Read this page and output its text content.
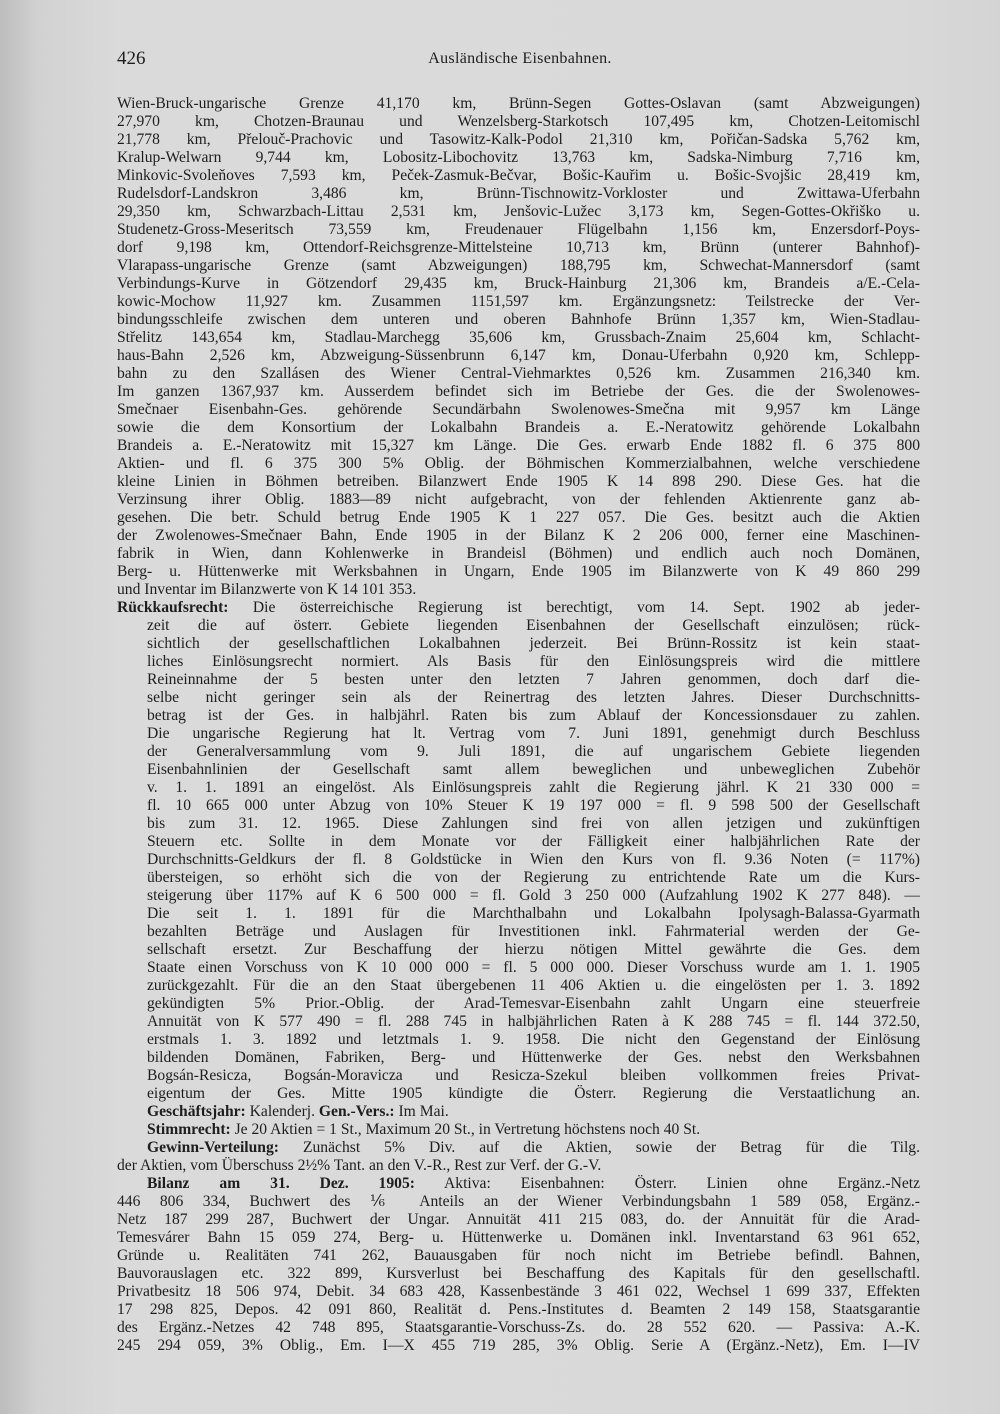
426	Ausländische Eisenbahnen.
Wien-Bruck-ungarische Grenze 41,170 km, Brünn-Segen Gottes-Oslavan (samt Abzweigungen)
27,970 km, Chotzen-Braunau und Wenzelsberg-Starkotsch 107,495 km, Chotzen-Leitomischl
21,778 km, Přelouč-Prachovic und Tasowitz-Kalk-Podol 21,310 km, Pořičan-Sadska 5,762 km,
Kralup-Welwarn 9,744 km, Lobositz-Libochovitz 13,763 km, Sadska-Nimburg 7,716 km,
Minkovic-Svoleňoves 7,593 km, Peček-Zasmuk-Bečvar, Bošic-Kauřim u. Bošic-Svojšic 28,419 km,
Rudelsdorf-Landskron 3,486 km, Brünn-Tischnowitz-Vorkloster und Zwittawa-Uferbahn
29,350 km, Schwarzbach-Littau 2,531 km, Jenšovic-Lužec 3,173 km, Segen-Gottes-Okřiško u.
Studenetz-Gross-Meseritsch 73,559 km, Freudenauer Flügelbahn 1,156 km, Enzersdorf-Poys-
dorf 9,198 km, Ottendorf-Reichsgrenze-Mittelsteine 10,713 km, Brünn (unterer Bahnhof)-
Vlarapass-ungarische Grenze (samt Abzweigungen) 188,795 km, Schwechat-Mannersdorf (samt
Verbindungs-Kurve in Götzendorf 29,435 km, Bruck-Hainburg 21,306 km, Brandeis a/E.-Cela-
kowic-Mochow 11,927 km. Zusammen 1151,597 km. Ergänzungsnetz: Teilstrecke der Ver-
bindungsschleife zwischen dem unteren und oberen Bahnhofe Brünn 1,357 km, Wien-Stadlau-
Střelitz 143,654 km, Stadlau-Marchegg 35,606 km, Grussbach-Znaim 25,604 km, Schlacht-
haus-Bahn 2,526 km, Abzweigung-Süssenbrunn 6,147 km, Donau-Uferbahn 0,920 km, Schlepp-
bahn zu den Szallásen des Wiener Central-Viehmarktes 0,526 km. Zusammen 216,340 km.
Im ganzen 1367,937 km. Ausserdem befindet sich im Betriebe der Ges. die der Swolenowes-
Smečnaer Eisenbahn-Ges. gehörende Secundärbahn Swolenowes-Smečna mit 9,957 km Länge
sowie die dem Konsortium der Lokalbahn Brandeis a. E.-Neratowitz gehörende Lokalbahn
Brandeis a. E.-Neratowitz mit 15,327 km Länge. Die Ges. erwarb Ende 1882 fl. 6 375 800
Aktien- und fl. 6 375 300 5% Oblig. der Böhmischen Kommerzialbahnen, welche verschiedene
kleine Linien in Böhmen betreiben. Bilanzwert Ende 1905 K 14 898 290. Diese Ges. hat die
Verzinsung ihrer Oblig. 1883—89 nicht aufgebracht, von der fehlenden Aktienrente ganz ab-
gesehen. Die betr. Schuld betrug Ende 1905 K 1 227 057. Die Ges. besitzt auch die Aktien
der Zwolenowes-Smečnaer Bahn, Ende 1905 in der Bilanz K 2 206 000, ferner eine Maschinen-
fabrik in Wien, dann Kohlenwerke in Brandeisl (Böhmen) und endlich auch noch Domänen,
Berg- u. Hüttenwerke mit Werksbahnen in Ungarn, Ende 1905 im Bilanzwerte von K 49 860 299
und Inventar im Bilanzwerte von K 14 101 353.
Rückkaufsrecht: Die österreichische Regierung ist berechtigt, vom 14. Sept. 1902 ab jeder-
zeit die auf österr. Gebiete liegenden Eisenbahnen der Gesellschaft einzulösen; rück-
sichtlich der gesellschaftlichen Lokalbahnen jederzeit. Bei Brünn-Rossitz ist kein staat-
liches Einlösungsrecht normiert. Als Basis für den Einlösungspreis wird die mittlere
Reineinnahme der 5 besten unter den letzten 7 Jahren genommen, doch darf die-
selbe nicht geringer sein als der Reinertrag des letzten Jahres. Dieser Durchschnitts-
betrag ist der Ges. in halbjährl. Raten bis zum Ablauf der Koncessionsdauer zu zahlen.
Die ungarische Regierung hat lt. Vertrag vom 7. Juni 1891, genehmigt durch Beschluss
der Generalversammlung vom 9. Juli 1891, die auf ungarischem Gebiete liegenden
Eisenbahnlinien der Gesellschaft samt allem beweglichen und unbeweglichen Zubehör
v. 1. 1. 1891 an eingelöst. Als Einlösungspreis zahlt die Regierung jährl. K 21 330 000 =
fl. 10 665 000 unter Abzug von 10% Steuer K 19 197 000 = fl. 9 598 500 der Gesellschaft
bis zum 31. 12. 1965. Diese Zahlungen sind frei von allen jetzigen und zukünftigen
Steuern etc. Sollte in dem Monate vor der Fälligkeit einer halbjährlichen Rate der
Durchschnitts-Geldkurs der fl. 8 Goldstücke in Wien den Kurs von fl. 9.36 Noten (= 117%)
übersteigen, so erhöht sich die von der Regierung zu entrichtende Rate um die Kurs-
steigerung über 117% auf K 6 500 000 = fl. Gold 3 250 000 (Aufzahlung 1902 K 277 848). —
Die seit 1. 1. 1891 für die Marchthalbahn und Lokalbahn Ipolysagh-Balassa-Gyarmath
bezahlten Beträge und Auslagen für Investitionen inkl. Fahrmaterial werden der Ge-
sellschaft ersetzt. Zur Beschaffung der hierzu nötigen Mittel gewährte die Ges. dem
Staate einen Vorschuss von K 10 000 000 = fl. 5 000 000. Dieser Vorschuss wurde am 1. 1. 1905
zurückgezahlt. Für die an den Staat übergebenen 11 406 Aktien u. die eingelösten per 1. 3. 1892
gekündigten 5% Prior.-Oblig. der Arad-Temesvar-Eisenbahn zahlt Ungarn eine steuerfreie
Annuität von K 577 490 = fl. 288 745 in halbjährlichen Raten à K 288 745 = fl. 144 372.50,
erstmals 1. 3. 1892 und letztmals 1. 9. 1958. Die nicht den Gegenstand der Einlösung
bildenden Domänen, Fabriken, Berg- und Hüttenwerke der Ges. nebst den Werksbahnen
Bogsán-Resicza, Bogsán-Moravicza und Resicza-Szekul bleiben vollkommen freies Privat-
eigentum der Ges. Mitte 1905 kündigte die Österr. Regierung die Verstaatlichung an.
Geschäftsjahr: Kalenderj. Gen.-Vers.: Im Mai.
Stimmrecht: Je 20 Aktien = 1 St., Maximum 20 St., in Vertretung höchstens noch 40 St.
Gewinn-Verteilung: Zunächst 5% Div. auf die Aktien, sowie der Betrag für die Tilg.
der Aktien, vom Überschuss 2½% Tant. an den V.-R., Rest zur Verf. der G.-V.
Bilanz am 31. Dez. 1905: Aktiva: Eisenbahnen: Österr. Linien ohne Ergänz.-Netz
446 806 334, Buchwert des ⅙ Anteils an der Wiener Verbindungsbahn 1 589 058, Ergänz.-
Netz 187 299 287, Buchwert der Ungar. Annuität 411 215 083, do. der Annuität für die Arad-
Temesvárer Bahn 15 059 274, Berg- u. Hüttenwerke u. Domänen inkl. Inventarstand 63 961 652,
Gründe u. Realitäten 741 262, Bauausgaben für noch nicht im Betriebe befindl. Bahnen,
Bauvorauslagen etc. 322 899, Kursverlust bei Beschaffung des Kapitals für den gesellschaftl.
Privatbesitz 18 506 974, Debit. 34 683 428, Kassenbestände 3 461 022, Wechsel 1 699 337, Effekten
17 298 825, Depos. 42 091 860, Realität d. Pens.-Institutes d. Beamten 2 149 158, Staatsgarantie
des Ergänz.-Netzes 42 748 895, Staatsgarantie-Vorschuss-Zs. do. 28 552 620. — Passiva: A.-K.
245 294 059, 3% Oblig., Em. I—X 455 719 285, 3% Oblig. Serie A (Ergänz.-Netz), Em. I—IV
